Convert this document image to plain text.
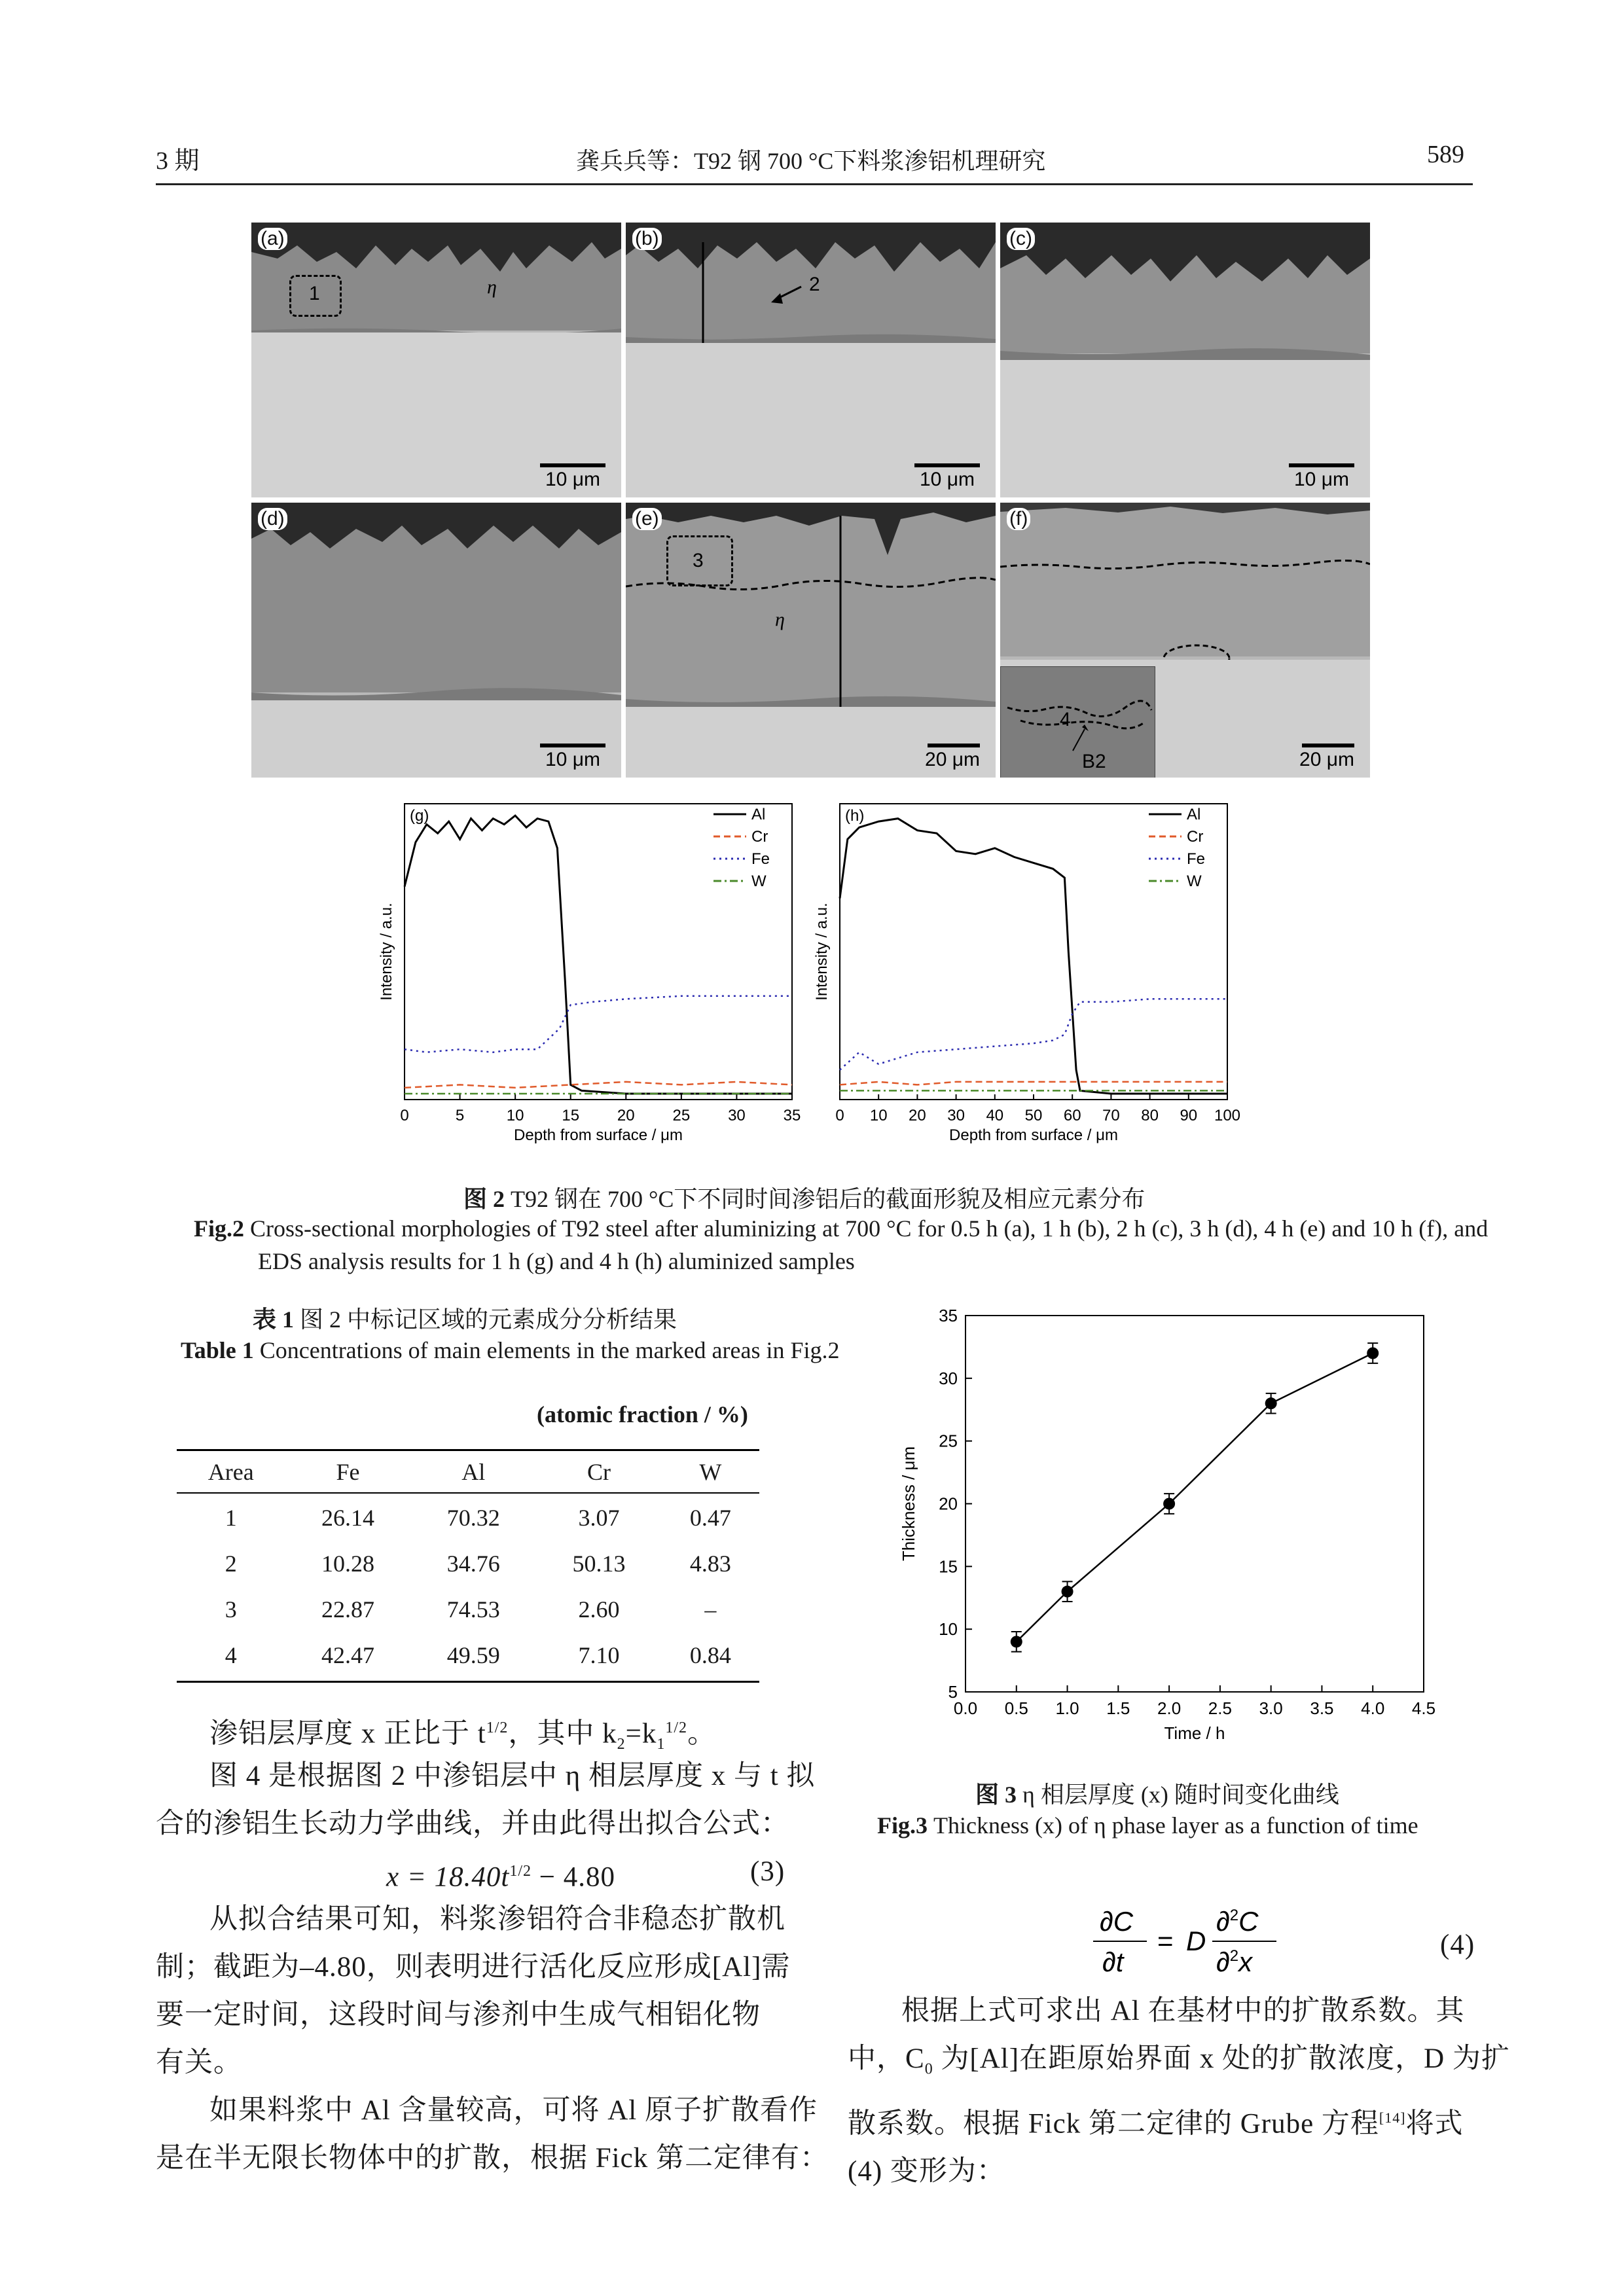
3 期	龚兵兵等：T92 钢 700 °C下料浆渗铝机理研究	589
(a)
1	η
10 μm
(b)
2
10 μm
(c)
10 μm
(d)
10 μm
(e)
3
η
20 μm
4
B2
(f)
20 μm
(g)
0	5	10 15 20 25 30 35
Depth from surface / μm
Intensity / a.u.
Al
Cr
Fe
W
(h)
0 10 20 30 40 50 60 70 80 90 100
Depth from surface / μm
Intensity / a.u.
Al
Cr
Fe
W
图 2 T92 钢在 700 °C下不同时间渗铝后的截面形貌及相应元素分布
Fig.2 Cross-sectional morphologies of T92 steel after aluminizing at 700 °C for 0.5 h (a), 1 h (b), 2 h (c), 3 h (d), 4 h (e) and 10 h (f), and EDS analysis results for 1 h (g) and 4 h (h) aluminized samples
表 1 图 2 中标记区域的元素成分分析结果
Table 1 Concentrations of main elements in the marked areas in Fig.2
(atomic fraction / %)
Area	Fe	Al	Cr	W
1	26.14	70.32	3.07	0.47
2	10.28	34.76	50.13	4.83
3	22.87	74.53	2.60	–
4	42.47	49.59	7.10	0.84
0.0 0.5 1.0 1.5 2.0 2.5 3.0 3.5 4.0 4.5
5
10
15
20
25
30
35
Time / h
Thickness / μm
图 3 η 相层厚度 (x) 随时间变化曲线
Fig.3 Thickness (x) of η phase layer as a function of time
渗铝层厚度 x 正比于 $t^{1/2}$，其中 $k_2=k_1^{1/2}$。
图 4 是根据图 2 中渗铝层中 η 相层厚度 x 与 t 拟
合的渗铝生长动力学曲线，并由此得出拟合公式：
$x = 18.40t^{1/2} - 4.80$	(3)
从拟合结果可知，料浆渗铝符合非稳态扩散机
制；截距为–4.80，则表明进行活化反应形成[Al]需
要一定时间，这段时间与渗剂中生成气相铝化物
有关。
如果料浆中 Al 含量较高，可将 Al 原子扩散看作
是在半无限长物体中的扩散，根据 Fick 第二定律有：
∂C
∂t
= D
∂$^2$C
∂$^2$x
(4)
根据上式可求出 Al 在基材中的扩散系数。其
中，$C_0$ 为[Al]在距原始界面 x 处的扩散浓度，D 为扩
散系数。根据 Fick 第二定律的 Grube 方程[14]将式
(4) 变形为：
